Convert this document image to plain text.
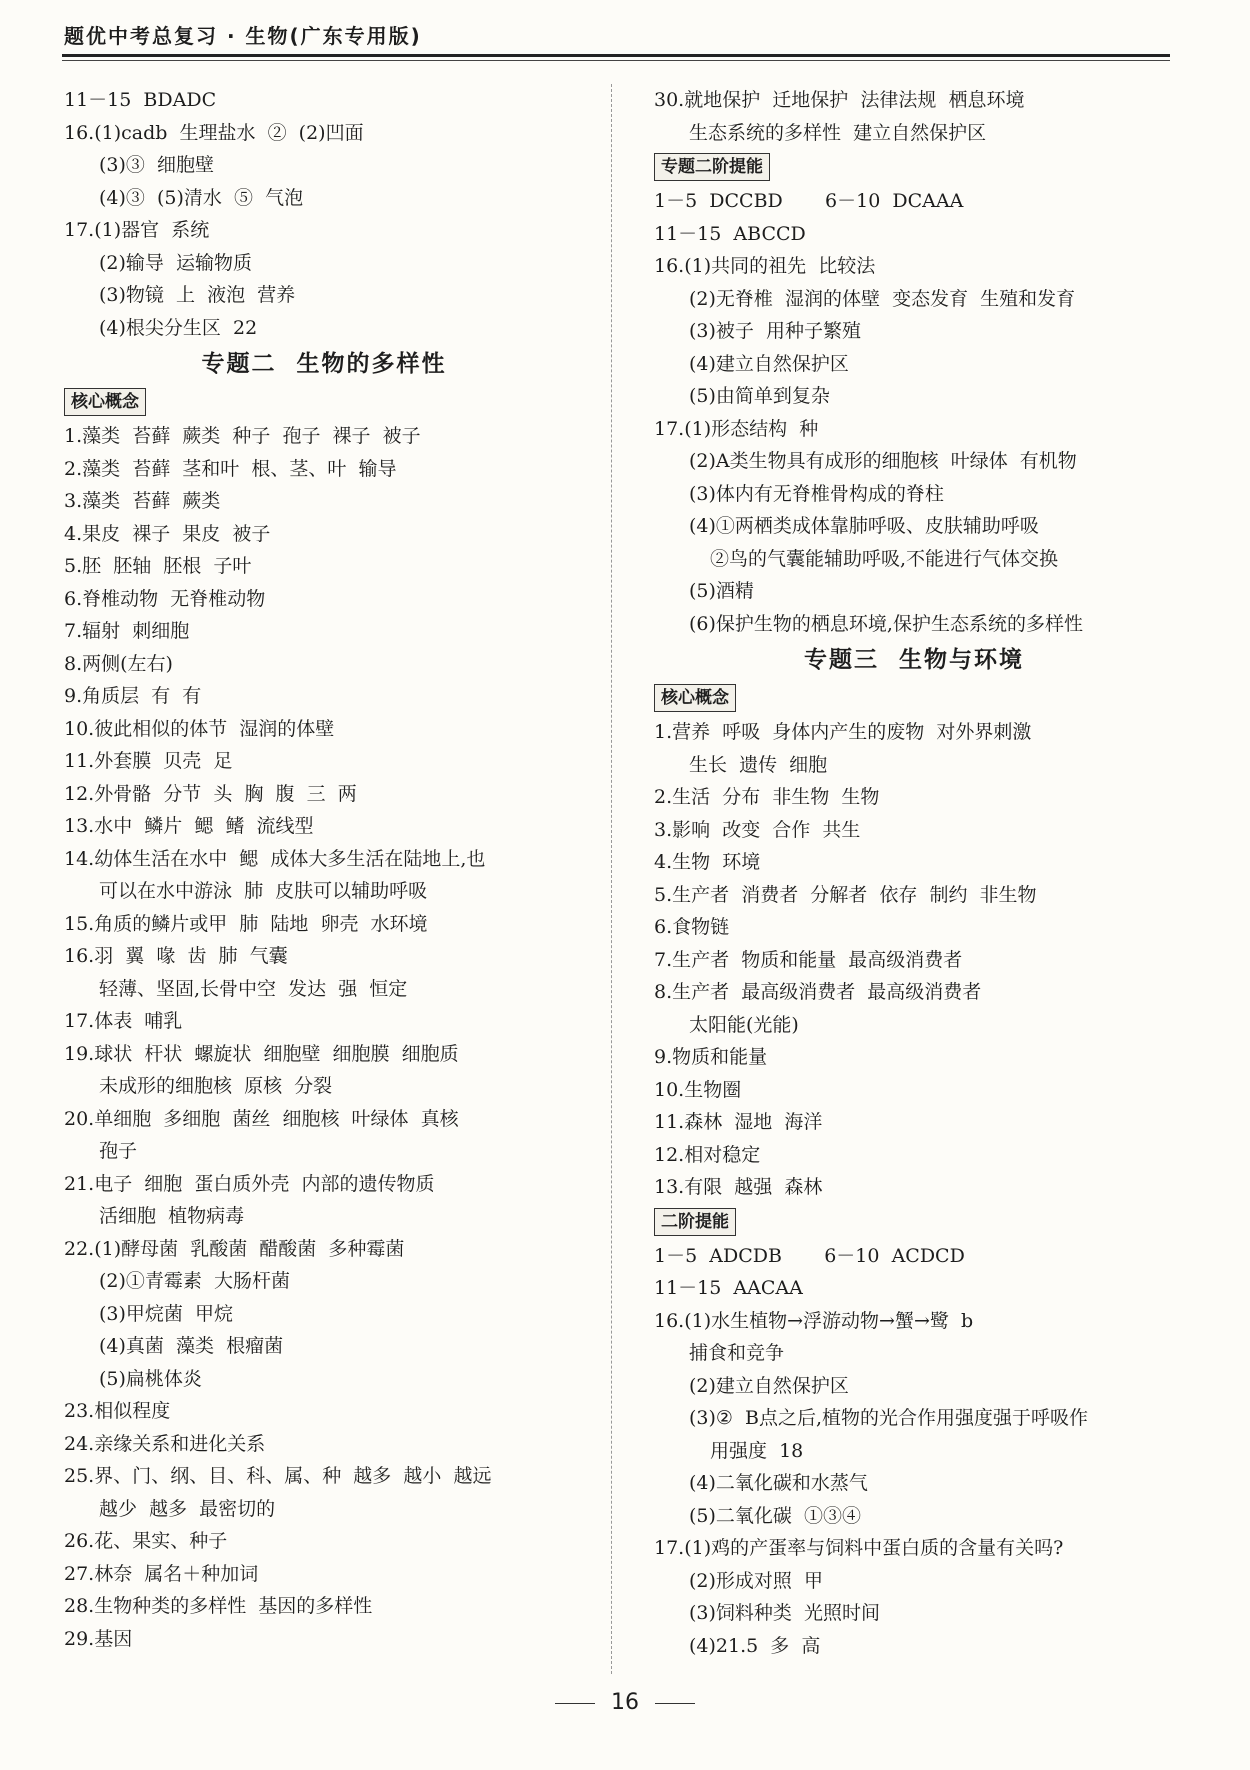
题优中考总复习 · 生物(广东专用版)
11－15  BDADC
16.(1)cadb  生理盐水  ②  (2)凹面
(3)③  细胞壁
(4)③  (5)清水  ⑤  气泡
17.(1)器官  系统
(2)输导  运输物质
(3)物镜  上  液泡  营养
(4)根尖分生区  22
专题二  生物的多样性
核心概念
1.藻类  苔藓  蕨类  种子  孢子  裸子  被子
2.藻类  苔藓  茎和叶  根、茎、叶  输导
3.藻类  苔藓  蕨类
4.果皮  裸子  果皮  被子
5.胚  胚轴  胚根  子叶
6.脊椎动物  无脊椎动物
7.辐射  刺细胞
8.两侧(左右)
9.角质层  有  有
10.彼此相似的体节  湿润的体壁
11.外套膜  贝壳  足
12.外骨骼  分节  头  胸  腹  三  两
13.水中  鳞片  鳃  鳍  流线型
14.幼体生活在水中  鳃  成体大多生活在陆地上,也
可以在水中游泳  肺  皮肤可以辅助呼吸
15.角质的鳞片或甲  肺  陆地  卵壳  水环境
16.羽  翼  喙  齿  肺  气囊
轻薄、坚固,长骨中空  发达  强  恒定
17.体表  哺乳
19.球状  杆状  螺旋状  细胞壁  细胞膜  细胞质
未成形的细胞核  原核  分裂
20.单细胞  多细胞  菌丝  细胞核  叶绿体  真核
孢子
21.电子  细胞  蛋白质外壳  内部的遗传物质
活细胞  植物病毒
22.(1)酵母菌  乳酸菌  醋酸菌  多种霉菌
(2)①青霉素  大肠杆菌
(3)甲烷菌  甲烷
(4)真菌  藻类  根瘤菌
(5)扁桃体炎
23.相似程度
24.亲缘关系和进化关系
25.界、门、纲、目、科、属、种  越多  越小  越远
越少  越多  最密切的
26.花、果实、种子
27.林奈  属名＋种加词
28.生物种类的多样性  基因的多样性
29.基因
30.就地保护  迁地保护  法律法规  栖息环境
生态系统的多样性  建立自然保护区
专题二阶提能
1－5  DCCBD       6－10  DCAAA
11－15  ABCCD
16.(1)共同的祖先  比较法
(2)无脊椎  湿润的体壁  变态发育  生殖和发育
(3)被子  用种子繁殖
(4)建立自然保护区
(5)由简单到复杂
17.(1)形态结构  种
(2)A类生物具有成形的细胞核  叶绿体  有机物
(3)体内有无脊椎骨构成的脊柱
(4)①两栖类成体靠肺呼吸、皮肤辅助呼吸
②鸟的气囊能辅助呼吸,不能进行气体交换
(5)酒精
(6)保护生物的栖息环境,保护生态系统的多样性
专题三  生物与环境
核心概念
1.营养  呼吸  身体内产生的废物  对外界刺激
生长  遗传  细胞
2.生活  分布  非生物  生物
3.影响  改变  合作  共生
4.生物  环境
5.生产者  消费者  分解者  依存  制约  非生物
6.食物链
7.生产者  物质和能量  最高级消费者
8.生产者  最高级消费者  最高级消费者
太阳能(光能)
9.物质和能量
10.生物圈
11.森林  湿地  海洋
12.相对稳定
13.有限  越强  森林
二阶提能
1－5  ADCDB       6－10  ACDCD
11－15  AACAA
16.(1)水生植物→浮游动物→蟹→鹭  b
捕食和竞争
(2)建立自然保护区
(3)②  B点之后,植物的光合作用强度强于呼吸作
用强度  18
(4)二氧化碳和水蒸气
(5)二氧化碳  ①③④
17.(1)鸡的产蛋率与饲料中蛋白质的含量有关吗?
(2)形成对照  甲
(3)饲料种类  光照时间
(4)21.5  多  高
16
